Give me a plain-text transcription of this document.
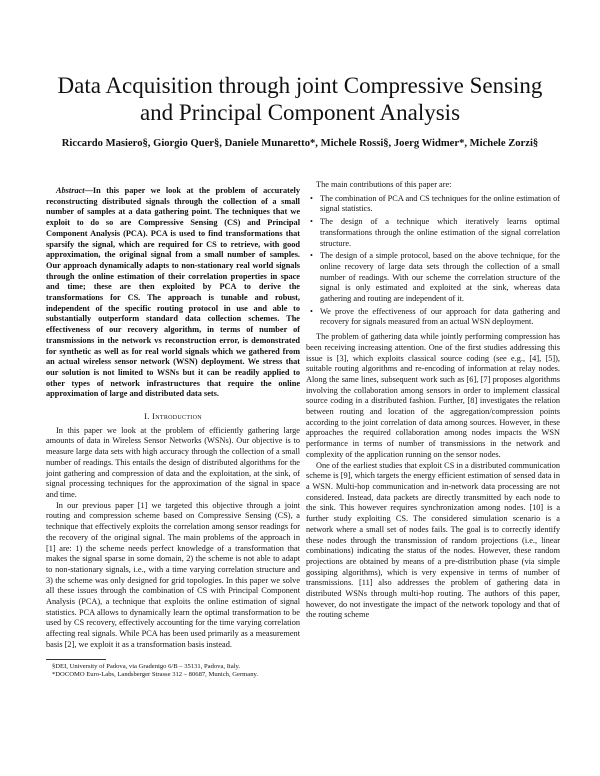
Data Acquisition through joint Compressive Sensing
and Principal Component Analysis
Riccardo Masiero§, Giorgio Quer§, Daniele Munaretto*, Michele Rossi§, Joerg Widmer*, Michele Zorzi§

Abstract—In this paper we look at the problem of accurately reconstructing distributed signals through the collection of a small number of samples at a data gathering point. The techniques that we exploit to do so are Compressive Sensing (CS) and Principal Component Analysis (PCA). PCA is used to find transformations that sparsify the signal, which are required for CS to retrieve, with good approximation, the original signal from a small number of samples. Our approach dynamically adapts to non-stationary real world signals through the online estimation of their correlation properties in space and time; these are then exploited by PCA to derive the transformations for CS. The approach is tunable and robust, independent of the specific routing protocol in use and able to substantially outperform standard data collection schemes. The effectiveness of our recovery algorithm, in terms of number of transmissions in the network vs reconstruction error, is demonstrated for synthetic as well as for real world signals which we gathered from an actual wireless sensor network (WSN) deployment. We stress that our solution is not limited to WSNs but it can be readily applied to other types of network infrastructures that require the online approximation of large and distributed data sets.

I. Introduction

In this paper we look at the problem of efficiently gathering large amounts of data in Wireless Sensor Networks (WSNs). Our objective is to measure large data sets with high accuracy through the collection of a small number of readings. This entails the design of distributed algorithms for the joint gathering and compression of data and the exploitation, at the sink, of signal processing techniques for the approximation of the signal in space and time.

In our previous paper [1] we targeted this objective through a joint routing and compression scheme based on Compressive Sensing (CS), a technique that effectively exploits the correlation among sensor readings for the recovery of the original signal. The main problems of the approach in [1] are: 1) the scheme needs perfect knowledge of a transformation that makes the signal sparse in some domain, 2) the scheme is not able to adapt to non-stationary signals, i.e., with a time varying correlation structure and 3) the scheme was only designed for grid topologies. In this paper we solve all these issues through the combination of CS with Principal Component Analysis (PCA), a technique that exploits the online estimation of signal statistics. PCA allows to dynamically learn the optimal transformation to be used by CS recovery, effectively accounting for the time varying correlation affecting real signals. While PCA has been used primarily as a measurement basis [2], we exploit it as a transformation basis instead.

§DEI, University of Padova, via Gradenigo 6/B – 35131, Padova, Italy.

*DOCOMO Euro-Labs, Landsberger Strasse 312 – 80687, Munich, Germany.

The main contributions of this paper are:

• The combination of PCA and CS techniques for the online estimation of signal statistics.
• The design of a technique which iteratively learns optimal transformations through the online estimation of the signal correlation structure.
• The design of a simple protocol, based on the above technique, for the online recovery of large data sets through the collection of a small number of readings. With our scheme the correlation structure of the signal is only estimated and exploited at the sink, whereas data gathering and routing are independent of it.
• We prove the effectiveness of our approach for data gathering and recovery for signals measured from an actual WSN deployment.

The problem of gathering data while jointly performing compression has been receiving increasing attention. One of the first studies addressing this issue is [3], which exploits classical source coding (see e.g., [4], [5]), suitable routing algorithms and re-encoding of information at relay nodes. Along the same lines, subsequent work such as [6], [7] proposes algorithms involving the collaboration among sensors in order to implement classical source coding in a distributed fashion. Further, [8] investigates the relation between routing and location of the aggregation/compression points according to the joint correlation of data among sources. However, in these approaches the required collaboration among nodes impacts the WSN performance in terms of number of transmissions in the network and complexity of the application running on the sensor nodes.

One of the earliest studies that exploit CS in a distributed communication scheme is [9], which targets the energy efficient estimation of sensed data in a WSN. Multi-hop communication and in-network data processing are not considered. Instead, data packets are directly transmitted by each node to the sink. This however requires synchronization among nodes. [10] is a further study exploiting CS. The considered simulation scenario is a network where a small set of nodes fails. The goal is to correctly identify these nodes through the transmission of random projections (i.e., linear combinations) indicating the status of the nodes. However, these random projections are obtained by means of a pre-distribution phase (via simple gossiping algorithms), which is very expensive in terms of number of transmissions. [11] also addresses the problem of gathering data in distributed WSNs through multi-hop routing. The authors of this paper, however, do not investigate the impact of the network topology and that of the routing scheme
